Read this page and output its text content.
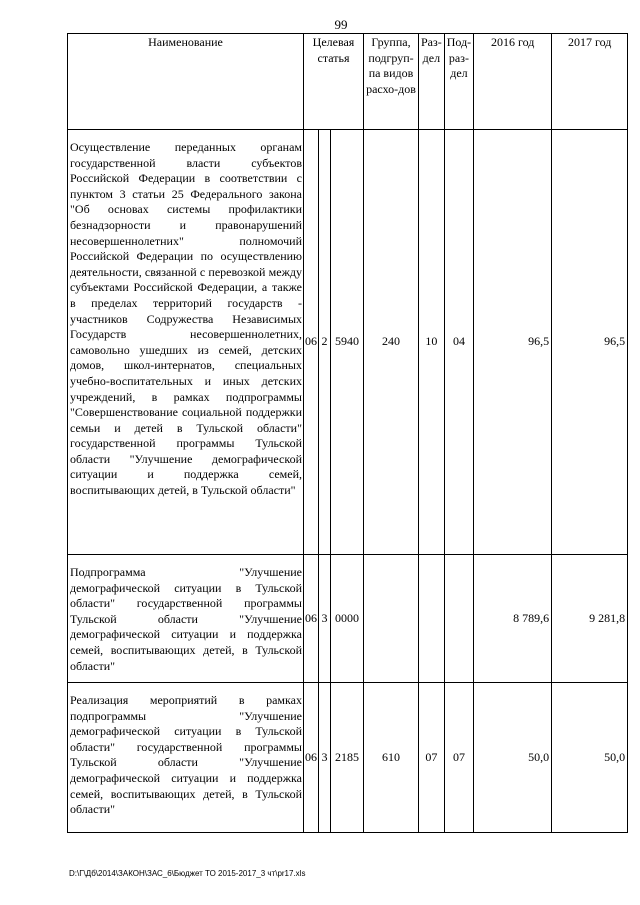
99
Наименование	Целевая статья			Группа, подгруп-па видов расхо-дов	Раз-дел	Под-раз-дел	2016 год	2017 год
Осуществление переданных органам государственной власти субъектов Российской Федерации в соответствии с пунктом 3 статьи 25 Федерального закона "Об основах системы профилактики безнадзорности и правонарушений несовершеннолетних" полномочий Российской Федерации по осуществлению деятельности, связанной с перевозкой между субъектами Российской Федерации, а также в пределах территорий государств - участников Содружества Независимых Государств несовершеннолетних, самовольно ушедших из семей, детских домов, школ-интернатов, специальных учебно-воспитательных и иных детских учреждений, в рамках подпрограммы "Совершенствование социальной поддержки семьи и детей в Тульской области" государственной программы Тульской области "Улучшение демографической ситуации и поддержка семей, воспитывающих детей, в Тульской области"	06	2	5940	240	10	04	96,5	96,5
Подпрограмма "Улучшение демографической ситуации в Тульской области" государственной программы Тульской области "Улучшение демографической ситуации и поддержка семей, воспитывающих детей, в Тульской области"	06	3	0000				8 789,6	9 281,8
Реализация мероприятий в рамках подпрограммы "Улучшение демографической ситуации в Тульской области" государственной программы Тульской области "Улучшение демографической ситуации и поддержка семей, воспитывающих детей, в Тульской области"	06	3	2185	610	07	07	50,0	50,0
D:\Г\Дб\2014\ЗАКОН\ЗАС_6\Бюджет ТО 2015-2017_3 чт\pr17.xls
